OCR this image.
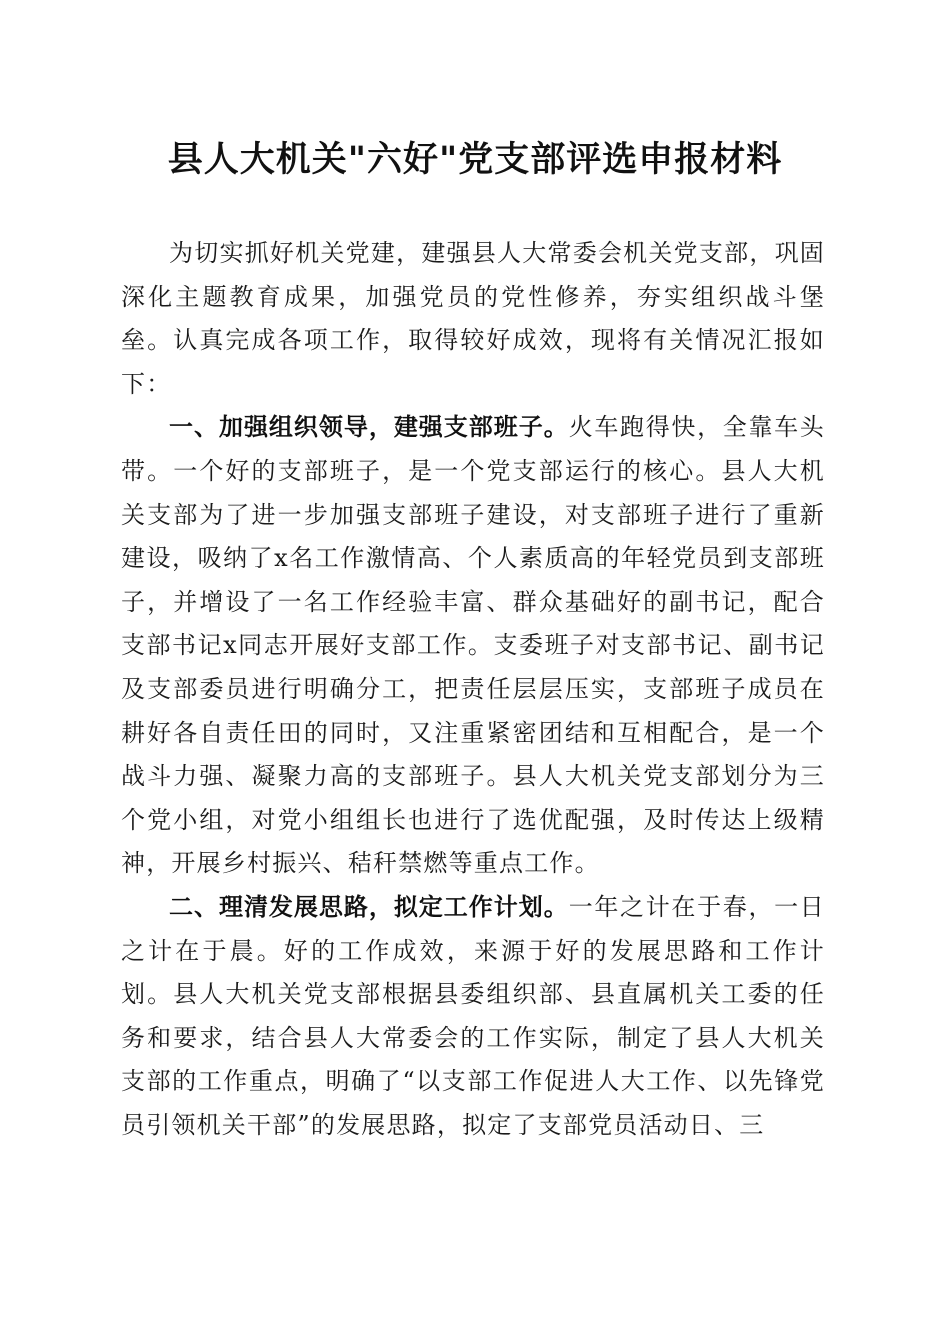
县人大机关"六好"党支部评选申报材料

为切实抓好机关党建，建强县人大常委会机关党支部，巩固深化主题教育成果，加强党员的党性修养，夯实组织战斗堡垒。认真完成各项工作，取得较好成效，现将有关情况汇报如下：

一、加强组织领导，建强支部班子。火车跑得快，全靠车头带。一个好的支部班子，是一个党支部运行的核心。县人大机关支部为了进一步加强支部班子建设，对支部班子进行了重新建设，吸纳了x名工作激情高、个人素质高的年轻党员到支部班子，并增设了一名工作经验丰富、群众基础好的副书记，配合支部书记x同志开展好支部工作。支委班子对支部书记、副书记及支部委员进行明确分工，把责任层层压实，支部班子成员在耕好各自责任田的同时，又注重紧密团结和互相配合，是一个战斗力强、凝聚力高的支部班子。县人大机关党支部划分为三个党小组，对党小组组长也进行了选优配强，及时传达上级精神，开展乡村振兴、秸秆禁燃等重点工作。

二、理清发展思路，拟定工作计划。一年之计在于春，一日之计在于晨。好的工作成效，来源于好的发展思路和工作计划。县人大机关党支部根据县委组织部、县直属机关工委的任务和要求，结合县人大常委会的工作实际，制定了县人大机关支部的工作重点，明确了“以支部工作促进人大工作、以先锋党员引领机关干部”的发展思路，拟定了支部党员活动日、三
